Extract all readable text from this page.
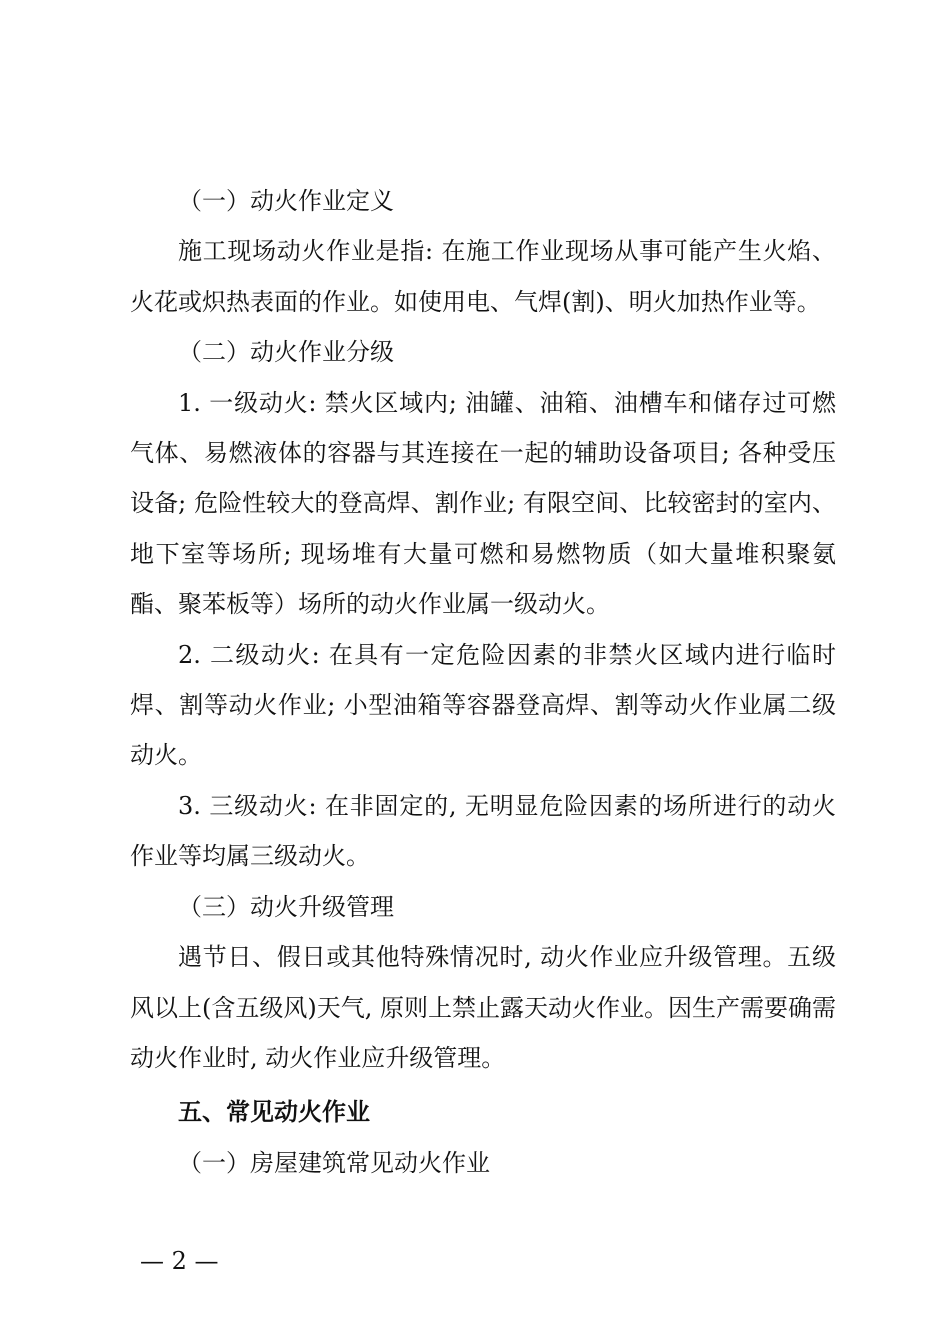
（一）动火作业定义

施工现场动火作业是指: 在施工作业现场从事可能产生火焰、火花或炽热表面的作业。如使用电、气焊(割)、明火加热作业等。

（二）动火作业分级

1. 一级动火: 禁火区域内; 油罐、油箱、油槽车和储存过可燃气体、易燃液体的容器与其连接在一起的辅助设备项目; 各种受压设备; 危险性较大的登高焊、割作业; 有限空间、比较密封的室内、地下室等场所; 现场堆有大量可燃和易燃物质（如大量堆积聚氨酯、聚苯板等）场所的动火作业属一级动火。

2. 二级动火: 在具有一定危险因素的非禁火区域内进行临时焊、割等动火作业; 小型油箱等容器登高焊、割等动火作业属二级动火。

3. 三级动火: 在非固定的, 无明显危险因素的场所进行的动火作业等均属三级动火。

（三）动火升级管理

遇节日、假日或其他特殊情况时, 动火作业应升级管理。五级风以上(含五级风)天气, 原则上禁止露天动火作业。因生产需要确需动火作业时, 动火作业应升级管理。

五、常见动火作业

（一）房屋建筑常见动火作业

— 2 —
